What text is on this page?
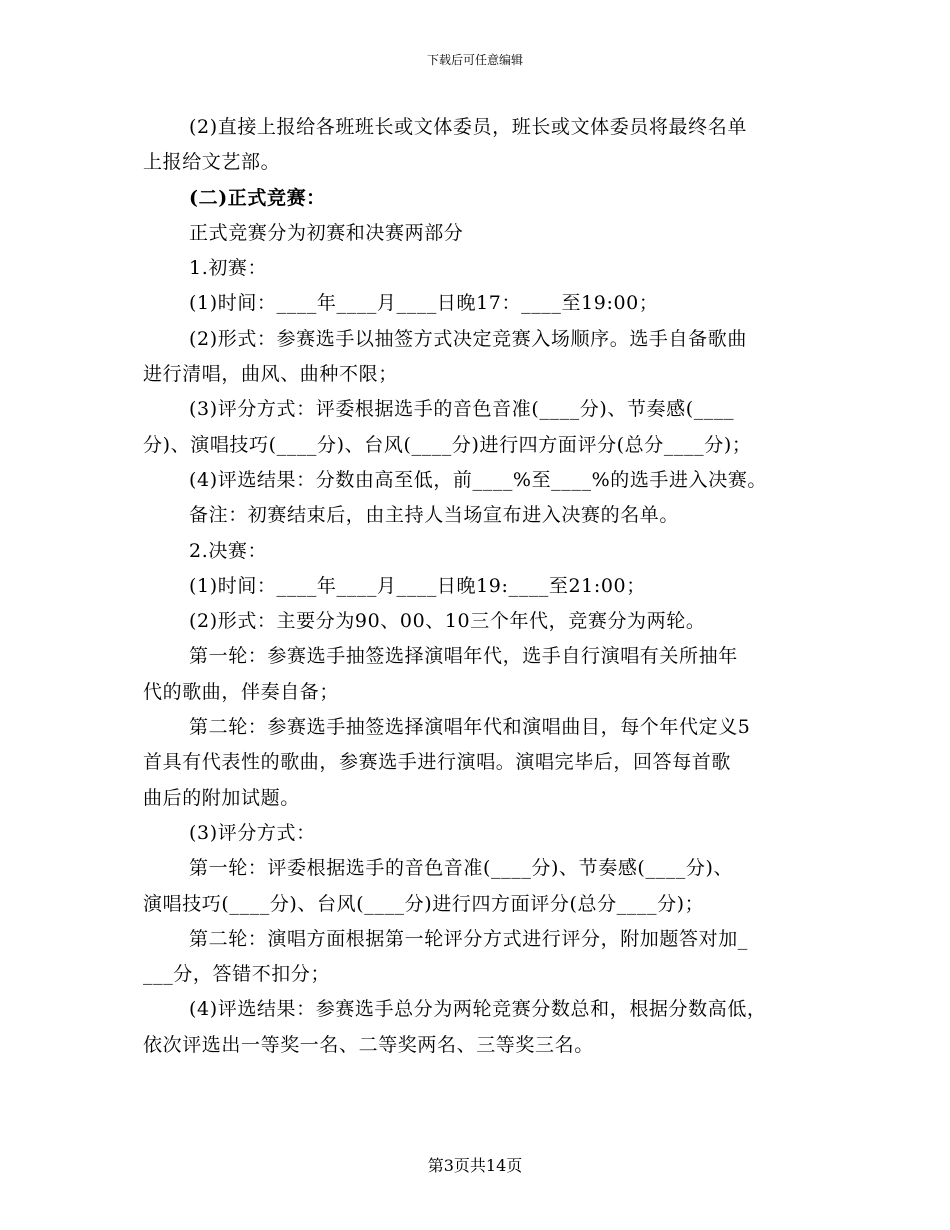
下载后可任意编辑
(2)直接上报给各班班长或文体委员，班长或文体委员将最终名单
上报给文艺部。
(二)正式竞赛：
正式竞赛分为初赛和决赛两部分
1.初赛：
(1)时间：____年____月____日晚17：____至19:00；
(2)形式：参赛选手以抽签方式决定竞赛入场顺序。选手自备歌曲
进行清唱，曲风、曲种不限；
(3)评分方式：评委根据选手的音色音准(____分)、节奏感(____
分)、演唱技巧(____分)、台风(____分)进行四方面评分(总分____分)；
(4)评选结果：分数由高至低，前____%至____%的选手进入决赛。
备注：初赛结束后，由主持人当场宣布进入决赛的名单。
2.决赛：
(1)时间：____年____月____日晚19:____至21:00；
(2)形式：主要分为90、00、10三个年代，竞赛分为两轮。
第一轮：参赛选手抽签选择演唱年代，选手自行演唱有关所抽年
代的歌曲，伴奏自备；
第二轮：参赛选手抽签选择演唱年代和演唱曲目，每个年代定义5
首具有代表性的歌曲，参赛选手进行演唱。演唱完毕后，回答每首歌
曲后的附加试题。
(3)评分方式：
第一轮：评委根据选手的音色音准(____分)、节奏感(____分)、
演唱技巧(____分)、台风(____分)进行四方面评分(总分____分)；
第二轮：演唱方面根据第一轮评分方式进行评分，附加题答对加_
___分，答错不扣分；
(4)评选结果：参赛选手总分为两轮竞赛分数总和，根据分数高低，
依次评选出一等奖一名、二等奖两名、三等奖三名。
第3页共14页
